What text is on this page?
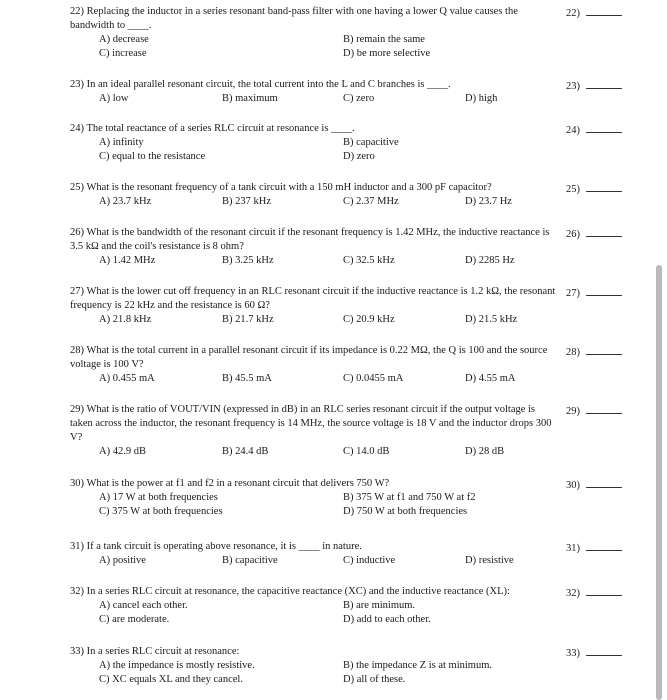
22) Replacing the inductor in a series resonant band-pass filter with one having a lower Q value causes the bandwidth to ____.
A) decrease	B) remain the same
C) increase	D) be more selective
22)
23) In an ideal parallel resonant circuit, the total current into the L and C branches is ____.
A) low	B) maximum	C) zero	D) high
23)
24) The total reactance of a series RLC circuit at resonance is ____.
A) infinity	B) capacitive
C) equal to the resistance	D) zero
24)
25) What is the resonant frequency of a tank circuit with a 150 mH inductor and a 300 pF capacitor?
A) 23.7 kHz	B) 237 kHz	C) 2.37 MHz	D) 23.7 Hz
25)
26) What is the bandwidth of the resonant circuit if the resonant frequency is 1.42 MHz, the inductive reactance is 3.5 kΩ and the coil's resistance is 8 ohm?
A) 1.42 MHz	B) 3.25 kHz	C) 32.5 kHz	D) 2285 Hz
26)
27) What is the lower cut off frequency in an RLC resonant circuit if the inductive reactance is 1.2 kΩ, the resonant frequency is 22 kHz and the resistance is 60 Ω?
A) 21.8 kHz	B) 21.7 kHz	C) 20.9 kHz	D) 21.5 kHz
27)
28) What is the total current in a parallel resonant circuit if its impedance is 0.22 MΩ, the Q is 100 and the source voltage is 100 V?
A) 0.455 mA	B) 45.5 mA	C) 0.0455 mA	D) 4.55 mA
28)
29) What is the ratio of VOUT/VIN (expressed in dB) in an RLC series resonant circuit if the output voltage is taken across the inductor, the resonant frequency is 14 MHz, the source voltage is 18 V and the inductor drops 300 V?
A) 42.9 dB	B) 24.4 dB	C) 14.0 dB	D) 28 dB
29)
30) What is the power at f1 and f2 in a resonant circuit that delivers 750 W?
A) 17 W at both frequencies	B) 375 W at f1 and 750 W at f2
C) 375 W at both frequencies	D) 750 W at both frequencies
30)
31) If a tank circuit is operating above resonance, it is ____ in nature.
A) positive	B) capacitive	C) inductive	D) resistive
31)
32) In a series RLC circuit at resonance, the capacitive reactance (XC) and the inductive reactance (XL):
A) cancel each other.	B) are minimum.
C) are moderate.	D) add to each other.
32)
33) In a series RLC circuit at resonance:
A) the impedance is mostly resistive.	B) the impedance Z is at minimum.
C) XC equals XL and they cancel.	D) all of these.
33)
